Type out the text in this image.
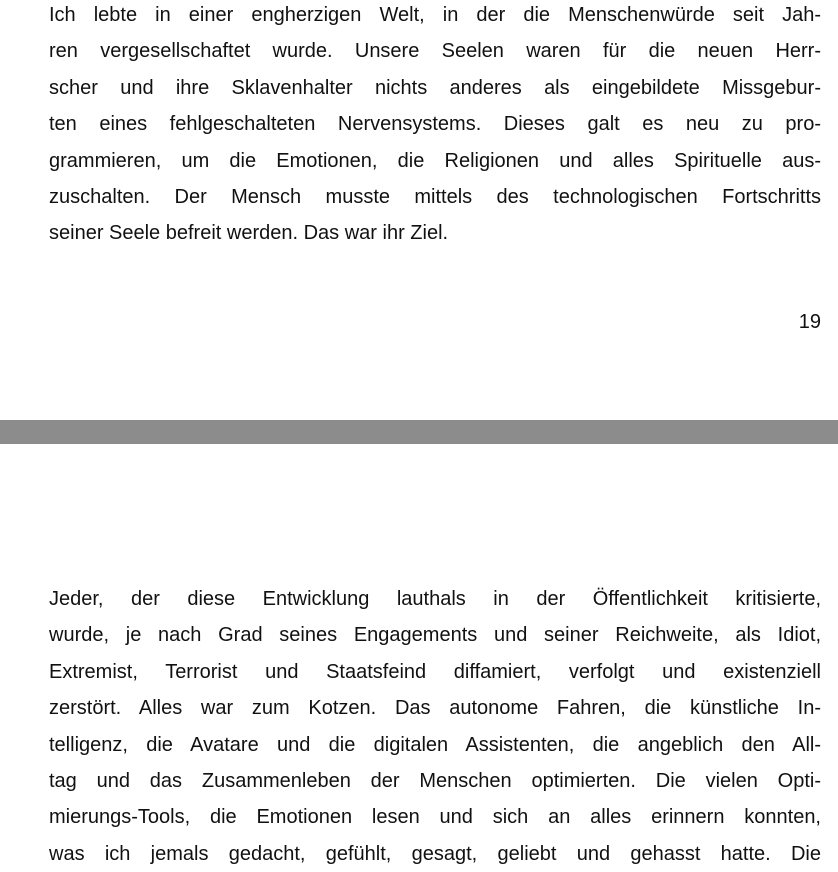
Ich lebte in einer engherzigen Welt, in der die Menschenwürde seit Jah-
ren vergesellschaftet wurde. Unsere Seelen waren für die neuen Herr-
scher und ihre Sklavenhalter nichts anderes als eingebildete Missgebur-
ten eines fehlgeschalteten Nervensystems. Dieses galt es neu zu pro-
grammieren, um die Emotionen, die Religionen und alles Spirituelle aus-
zuschalten. Der Mensch musste mittels des technologischen Fortschritts
seiner Seele befreit werden. Das war ihr Ziel.
19
Jeder, der diese Entwicklung lauthals in der Öffentlichkeit kritisierte,
wurde, je nach Grad seines Engagements und seiner Reichweite, als Idiot,
Extremist, Terrorist und Staatsfeind diffamiert, verfolgt und existenziell
zerstört. Alles war zum Kotzen. Das autonome Fahren, die künstliche In-
telligenz, die Avatare und die digitalen Assistenten, die angeblich den All-
tag und das Zusammenleben der Menschen optimierten. Die vielen Opti-
mierungs-Tools, die Emotionen lesen und sich an alles erinnern konnten,
was ich jemals gedacht, gefühlt, gesagt, geliebt und gehasst hatte. Die
